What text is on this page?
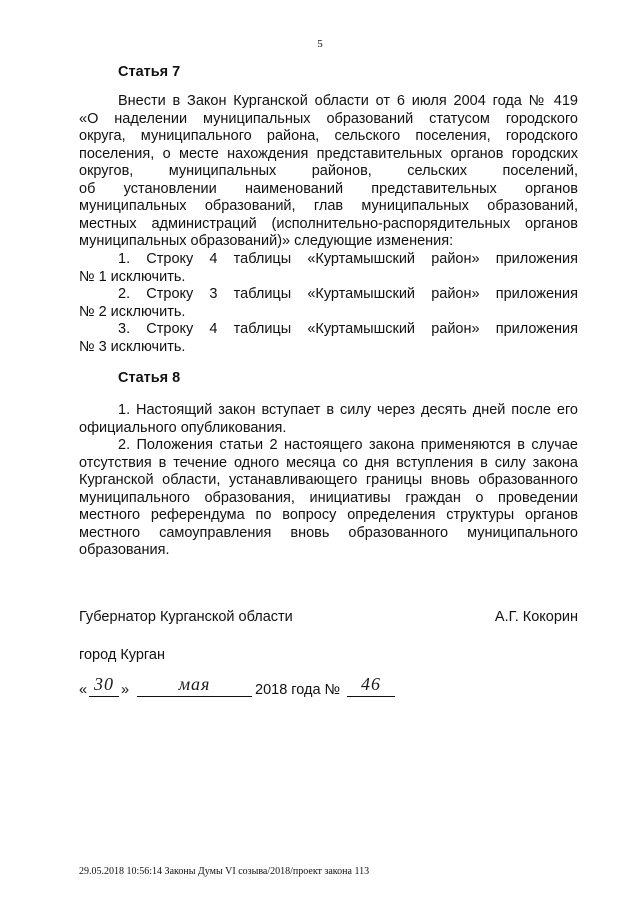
5
Статья 7
Внести в Закон Курганской области от 6 июля 2004 года № 419
«О наделении муниципальных образований статусом городского
округа, муниципального района, сельского поселения, городского
поселения, о месте нахождения представительных органов городских
округов, муниципальных районов, сельских поселений,
об установлении наименований представительных органов
муниципальных образований, глав муниципальных образований,
местных администраций (исполнительно-распорядительных органов
муниципальных образований)» следующие изменения:
1. Строку 4 таблицы «Куртамышский район» приложения
№ 1 исключить.
2. Строку 3 таблицы «Куртамышский район» приложения
№ 2 исключить.
3. Строку 4 таблицы «Куртамышский район» приложения
№ 3 исключить.
Статья 8
1. Настоящий закон вступает в силу через десять дней после его
официального опубликования.
2. Положения статьи 2 настоящего закона применяются в случае
отсутствия в течение одного месяца со дня вступления в силу закона
Курганской области, устанавливающего границы вновь образованного
муниципального образования, инициативы граждан о проведении
местного референдума по вопросу определения структуры органов
местного самоуправления вновь образованного муниципального
образования.
Губернатор Курганской области	А.Г. Кокорин
город Курган
« 30 »	мая	2018 года №	46
29.05.2018 10:56:14 Законы Думы VI созыва/2018/проект закона 113
